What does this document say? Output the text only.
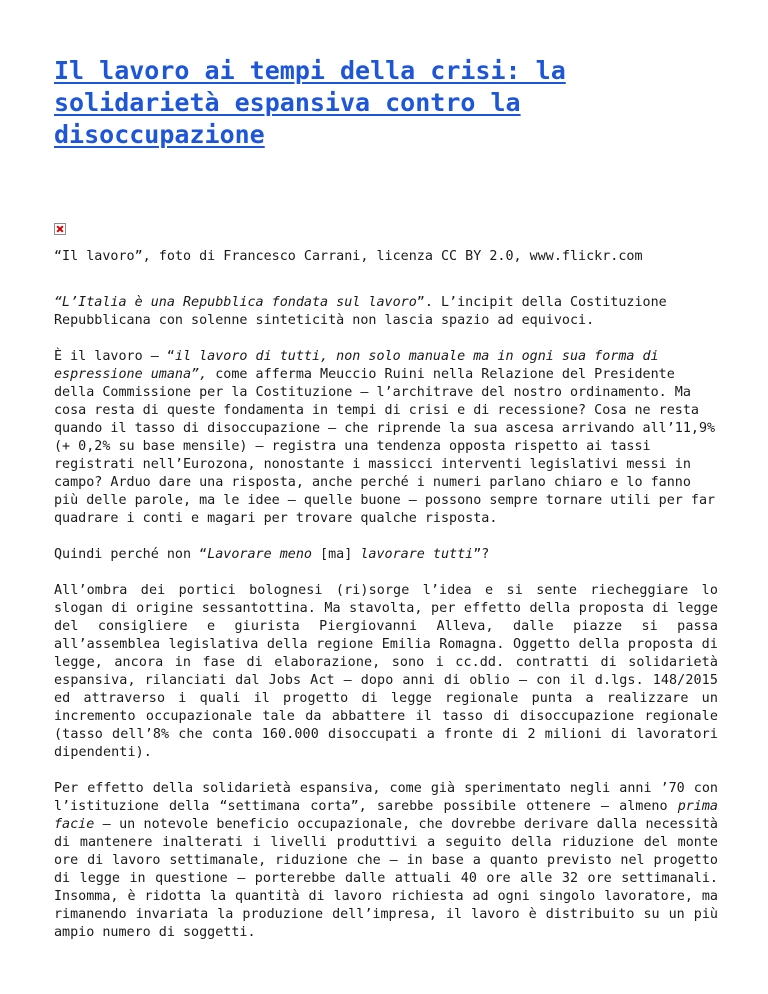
Il lavoro ai tempi della crisi: la solidarietà espansiva contro la disoccupazione
“Il lavoro”, foto di Francesco Carrani, licenza CC BY 2.0, www.flickr.com

“L’Italia è una Repubblica fondata sul lavoro”. L’incipit della Costituzione Repubblicana con solenne sinteticità non lascia spazio ad equivoci.

È il lavoro – “il lavoro di tutti, non solo manuale ma in ogni sua forma di espressione umana”, come afferma Meuccio Ruini nella Relazione del Presidente della Commissione per la Costituzione – l’architrave del nostro ordinamento. Ma cosa resta di queste fondamenta in tempi di crisi e di recessione? Cosa ne resta quando il tasso di disoccupazione – che riprende la sua ascesa arrivando all’11,9% (+ 0,2% su base mensile) – registra una tendenza opposta rispetto ai tassi registrati nell’Eurozona, nonostante i massicci interventi legislativi messi in campo? Arduo dare una risposta, anche perché i numeri parlano chiaro e lo fanno più delle parole, ma le idee – quelle buone – possono sempre tornare utili per far quadrare i conti e magari per trovare qualche risposta.

Quindi perché non “Lavorare meno [ma] lavorare tutti”?

All’ombra dei portici bolognesi (ri)sorge l’idea e si sente riecheggiare lo slogan di origine sessantottina. Ma stavolta, per effetto della proposta di legge del consigliere e giurista Piergiovanni Alleva, dalle piazze si passa all’assemblea legislativa della regione Emilia Romagna. Oggetto della proposta di legge, ancora in fase di elaborazione, sono i cc.dd. contratti di solidarietà espansiva, rilanciati dal Jobs Act – dopo anni di oblio – con il d.lgs. 148/2015 ed attraverso i quali il progetto di legge regionale punta a realizzare un incremento occupazionale tale da abbattere il tasso di disoccupazione regionale (tasso dell’8% che conta 160.000 disoccupati a fronte di 2 milioni di lavoratori dipendenti).

Per effetto della solidarietà espansiva, come già sperimentato negli anni ’70 con l’istituzione della “settimana corta”, sarebbe possibile ottenere – almeno prima facie – un notevole beneficio occupazionale, che dovrebbe derivare dalla necessità di mantenere inalterati i livelli produttivi a seguito della riduzione del monte ore di lavoro settimanale, riduzione che – in base a quanto previsto nel progetto di legge in questione – porterebbe dalle attuali 40 ore alle 32 ore settimanali. Insomma, è ridotta la quantità di lavoro richiesta ad ogni singolo lavoratore, ma rimanendo invariata la produzione dell’impresa, il lavoro è distribuito su un più ampio numero di soggetti.
